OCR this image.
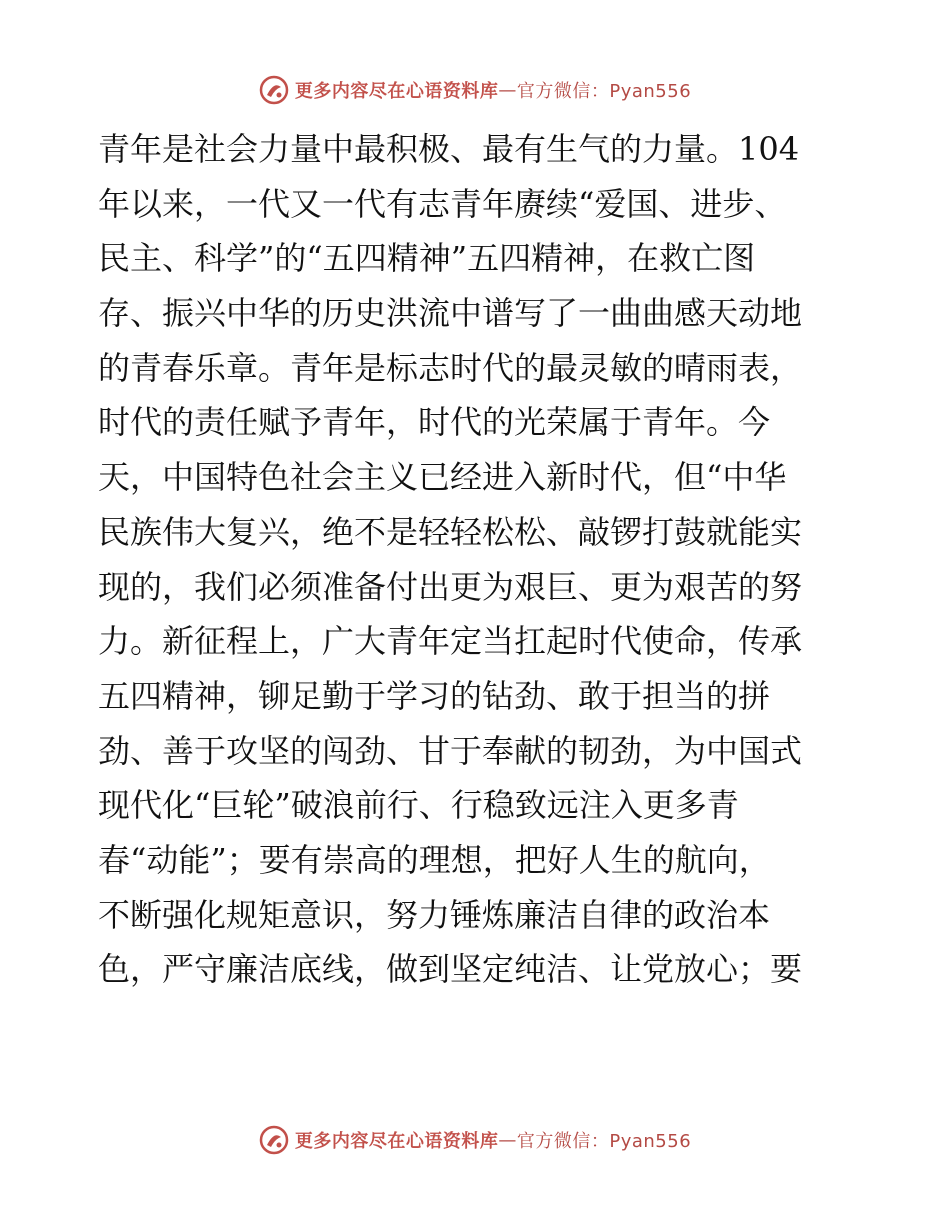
更多内容尽在心语资料库 — 官方微信：Pyan556
青年是社会力量中最积极、最有生气的力量。104
年以来，一代又一代有志青年赓续“爱国、进步、
民主、科学”的“五四精神”五四精神，在救亡图
存、振兴中华的历史洪流中谱写了一曲曲感天动地
的青春乐章。青年是标志时代的最灵敏的晴雨表，
时代的责任赋予青年，时代的光荣属于青年。今
天，中国特色社会主义已经进入新时代，但“中华
民族伟大复兴，绝不是轻轻松松、敲锣打鼓就能实
现的，我们必须准备付出更为艰巨、更为艰苦的努
力。新征程上，广大青年定当扛起时代使命，传承
五四精神，铆足勤于学习的钻劲、敢于担当的拼
劲、善于攻坚的闯劲、甘于奉献的韧劲，为中国式
现代化“巨轮”破浪前行、行稳致远注入更多青
春“动能”；要有崇高的理想，把好人生的航向，
不断强化规矩意识，努力锤炼廉洁自律的政治本
色，严守廉洁底线，做到坚定纯洁、让党放心；要
更多内容尽在心语资料库 — 官方微信：Pyan556
